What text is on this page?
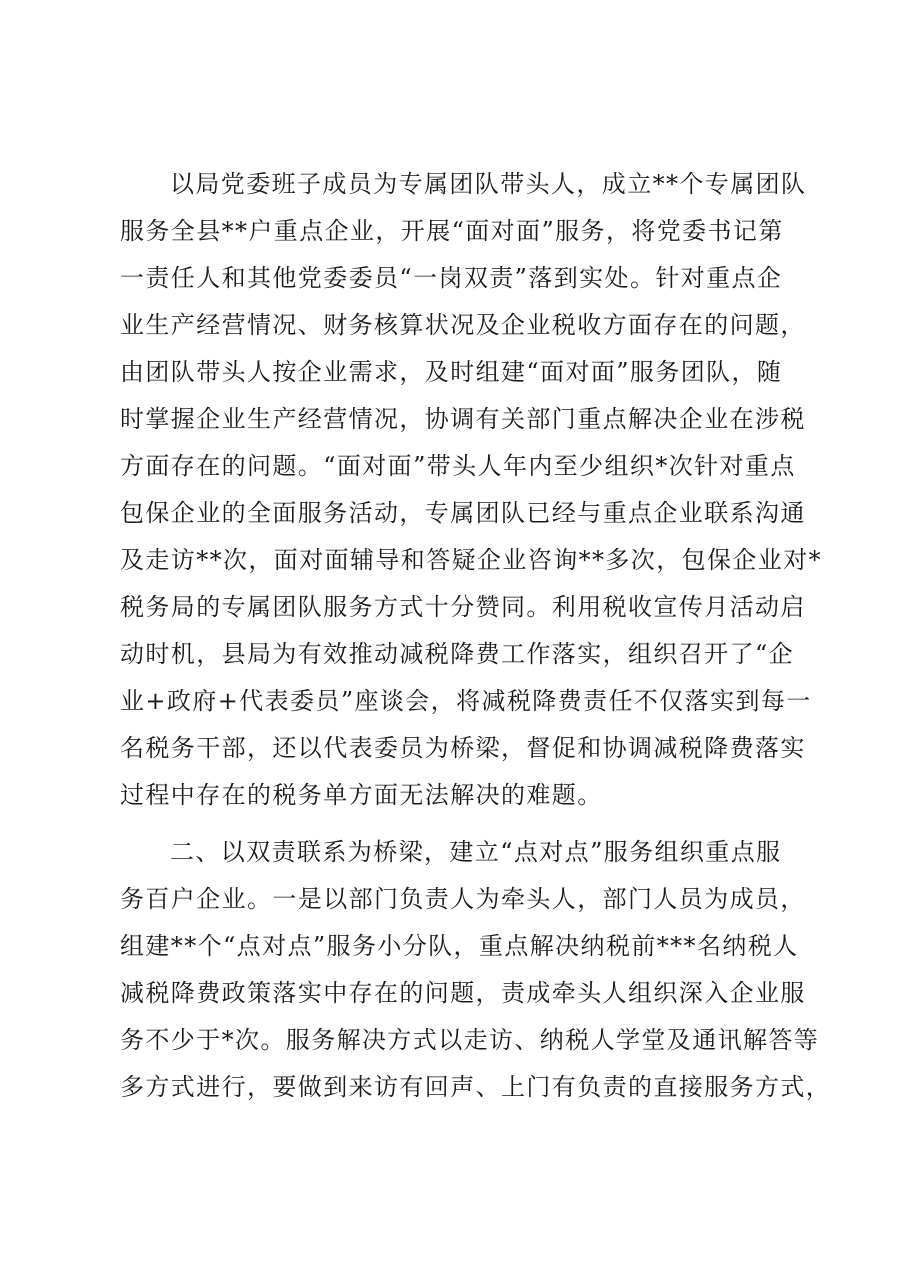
以局党委班子成员为专属团队带头人，成立**个专属团队
服务全县**户重点企业，开展“面对面”服务，将党委书记第
一责任人和其他党委委员“一岗双责”落到实处。针对重点企
业生产经营情况、财务核算状况及企业税收方面存在的问题，
由团队带头人按企业需求，及时组建“面对面”服务团队，随
时掌握企业生产经营情况，协调有关部门重点解决企业在涉税
方面存在的问题。“面对面”带头人年内至少组织*次针对重点
包保企业的全面服务活动，专属团队已经与重点企业联系沟通
及走访**次，面对面辅导和答疑企业咨询**多次，包保企业对*
税务局的专属团队服务方式十分赞同。利用税收宣传月活动启
动时机，县局为有效推动减税降费工作落实，组织召开了“企
业+政府+代表委员”座谈会，将减税降费责任不仅落实到每一
名税务干部，还以代表委员为桥梁，督促和协调减税降费落实
过程中存在的税务单方面无法解决的难题。
二、以双责联系为桥梁，建立“点对点”服务组织重点服
务百户企业。一是以部门负责人为牵头人，部门人员为成员，
组建**个“点对点”服务小分队，重点解决纳税前***名纳税人
减税降费政策落实中存在的问题，责成牵头人组织深入企业服
务不少于*次。服务解决方式以走访、纳税人学堂及通讯解答等
多方式进行，要做到来访有回声、上门有负责的直接服务方式，
